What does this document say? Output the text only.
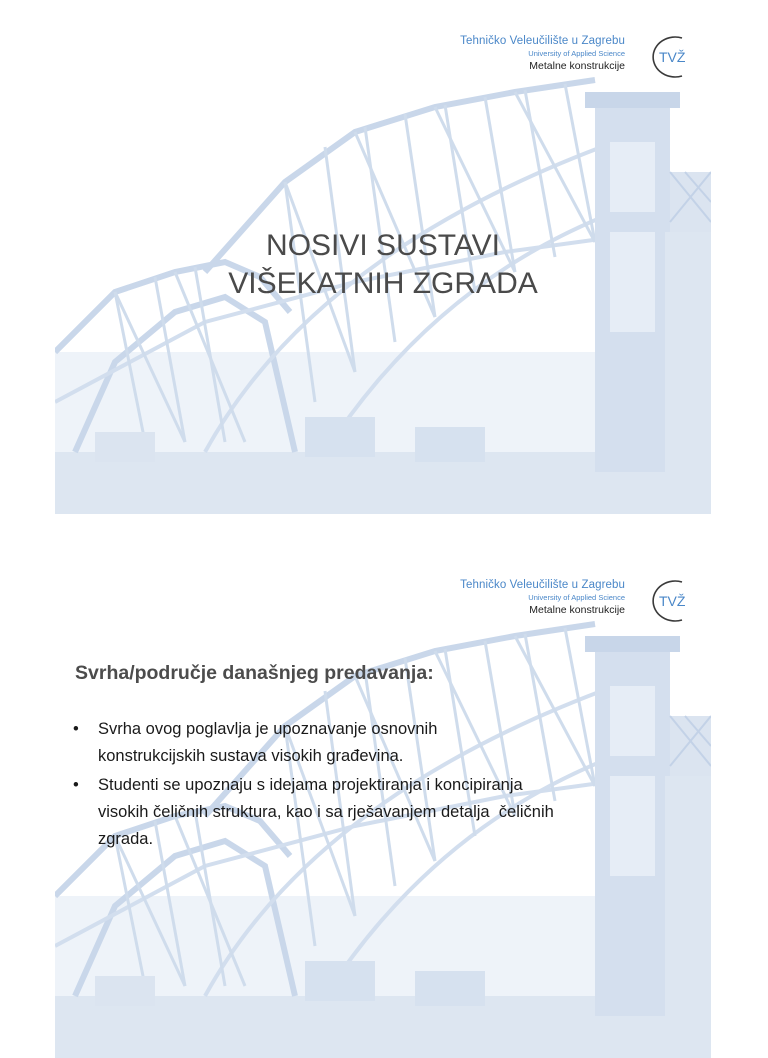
Tehničko Veleučilište u Zagrebu
University of Applied Science
Metalne konstrukcije
TVŽ
NOSIVI SUSTAVI
VIŠEKATNIH ZGRADA
Tehničko Veleučilište u Zagrebu
University of Applied Science
Metalne konstrukcije
TVŽ
Svrha/područje današnjeg predavanja:
• Svrha ovog poglavlja je upoznavanje osnovnih
konstrukcijskih sustava visokih građevina.
• Studenti se upoznaju s idejama projektiranja i koncipiranja
visokih čeličnih struktura, kao i sa rješavanjem detalja  čeličnih
zgrada.
